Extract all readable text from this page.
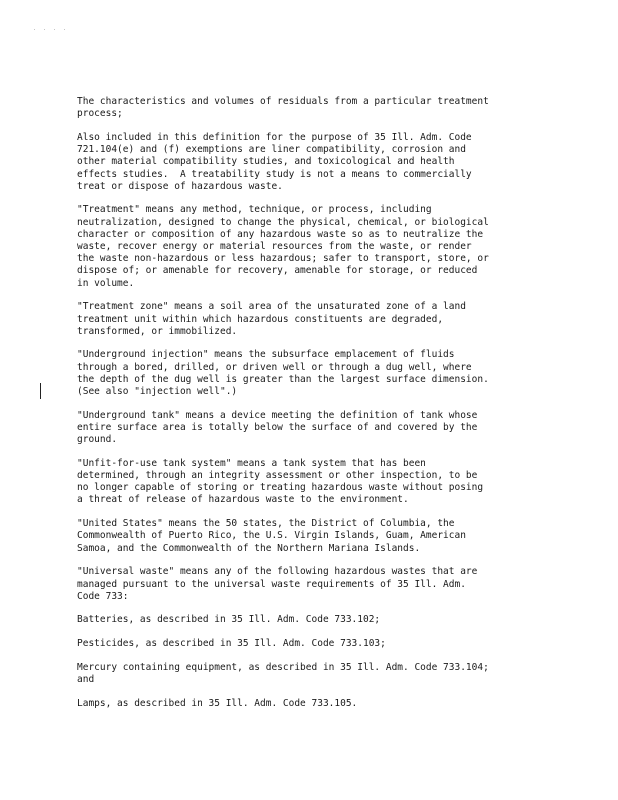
. . . .

The characteristics and volumes of residuals from a particular treatment
process;

Also included in this definition for the purpose of 35 Ill. Adm. Code
721.104(e) and (f) exemptions are liner compatibility, corrosion and
other material compatibility studies, and toxicological and health
effects studies.  A treatability study is not a means to commercially
treat or dispose of hazardous waste.

"Treatment" means any method, technique, or process, including
neutralization, designed to change the physical, chemical, or biological
character or composition of any hazardous waste so as to neutralize the
waste, recover energy or material resources from the waste, or render
the waste non-hazardous or less hazardous; safer to transport, store, or
dispose of; or amenable for recovery, amenable for storage, or reduced
in volume.

"Treatment zone" means a soil area of the unsaturated zone of a land
treatment unit within which hazardous constituents are degraded,
transformed, or immobilized.

"Underground injection" means the subsurface emplacement of fluids
through a bored, drilled, or driven well or through a dug well, where
the depth of the dug well is greater than the largest surface dimension.
(See also "injection well".)

"Underground tank" means a device meeting the definition of tank whose
entire surface area is totally below the surface of and covered by the
ground.

"Unfit-for-use tank system" means a tank system that has been
determined, through an integrity assessment or other inspection, to be
no longer capable of storing or treating hazardous waste without posing
a threat of release of hazardous waste to the environment.

"United States" means the 50 states, the District of Columbia, the
Commonwealth of Puerto Rico, the U.S. Virgin Islands, Guam, American
Samoa, and the Commonwealth of the Northern Mariana Islands.

"Universal waste" means any of the following hazardous wastes that are
managed pursuant to the universal waste requirements of 35 Ill. Adm.
Code 733:

Batteries, as described in 35 Ill. Adm. Code 733.102;

Pesticides, as described in 35 Ill. Adm. Code 733.103;

Mercury containing equipment, as described in 35 Ill. Adm. Code 733.104;
and

Lamps, as described in 35 Ill. Adm. Code 733.105.
